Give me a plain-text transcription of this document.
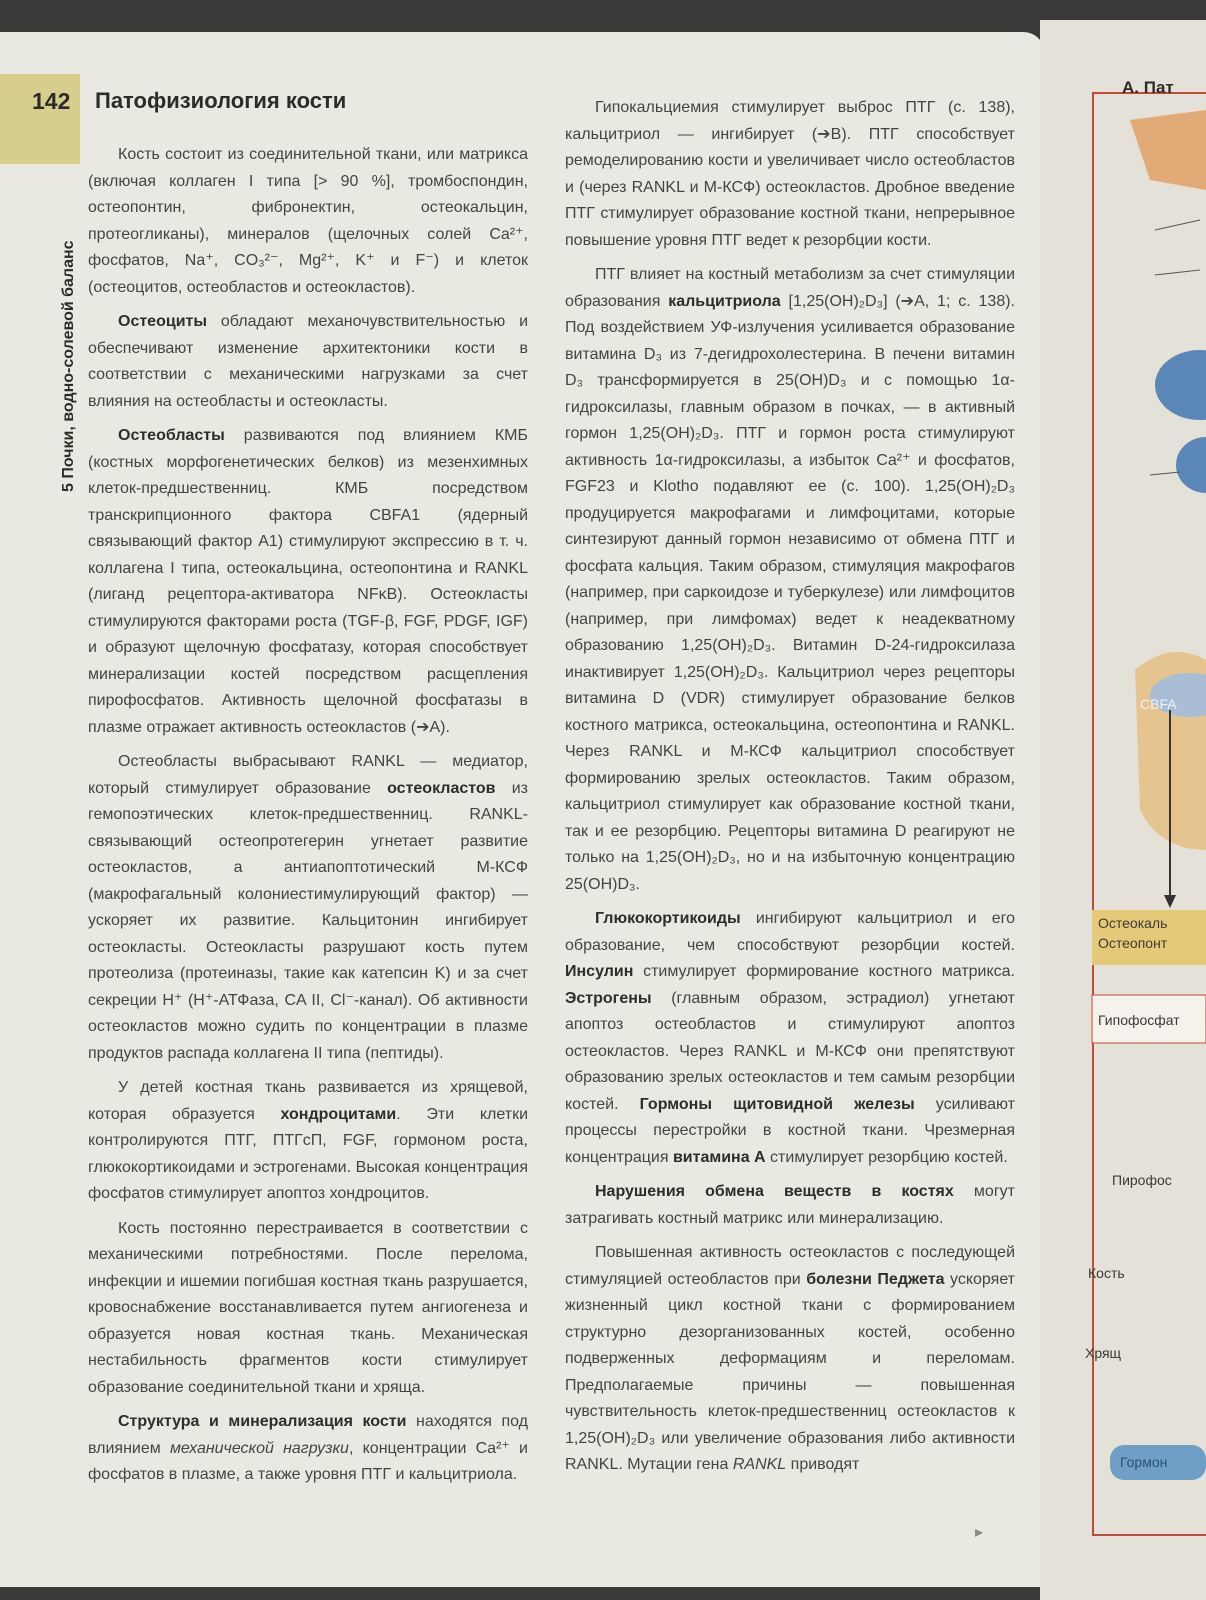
142 Патофизиология кости
5 Почки, водно-солевой баланс

Кость состоит из соединительной ткани, или матрикса (включая коллаген I типа [> 90 %], тромбоспондин, остеопонтин, фибронектин, остеокальцин, протеогликаны), минералов (щелочных солей Ca²⁺, фосфатов, Na⁺, CO₃²⁻, Mg²⁺, K⁺ и F⁻) и клеток (остеоцитов, остеобластов и остеокластов).

Остеоциты обладают механочувствительностью и обеспечивают изменение архитектоники кости в соответствии с механическими нагрузками за счет влияния на остеобласты и остеокласты.

Остеобласты развиваются под влиянием КМБ (костных морфогенетических белков) из мезенхимных клеток-предшественниц. КМБ посредством транскрипционного фактора CBFA1 (ядерный связывающий фактор A1) стимулируют экспрессию в т. ч. коллагена I типа, остеокальцина, остеопонтина и RANKL (лиганд рецептора-активатора NFκB). Остеокласты стимулируются факторами роста (TGF-β, FGF, PDGF, IGF) и образуют щелочную фосфатазу, которая способствует минерализации костей посредством расщепления пирофосфатов. Активность щелочной фосфатазы в плазме отражает активность остеокластов (➔A).

Остеобласты выбрасывают RANKL — медиатор, который стимулирует образование остеокластов из гемопоэтических клеток-предшественниц. RANKL-связывающий остеопротегерин угнетает развитие остеокластов, а антиапоптотический М-КСФ (макрофагальный колониестимулирующий фактор) — ускоряет их развитие. Кальцитонин ингибирует остеокласты. Остеокласты разрушают кость путем протеолиза (протеиназы, такие как катепсин K) и за счет секреции H⁺ (H⁺-АТФаза, CA II, Cl⁻-канал). Об активности остеокластов можно судить по концентрации в плазме продуктов распада коллагена II типа (пептиды).

У детей костная ткань развивается из хрящевой, которая образуется хондроцитами. Эти клетки контролируются ПТГ, ПТГсП, FGF, гормоном роста, глюкокортикоидами и эстрогенами. Высокая концентрация фосфатов стимулирует апоптоз хондроцитов.

Кость постоянно перестраивается в соответствии с механическими потребностями. После перелома, инфекции и ишемии погибшая костная ткань разрушается, кровоснабжение восстанавливается путем ангиогенеза и образуется новая костная ткань. Механическая нестабильность фрагментов кости стимулирует образование соединительной ткани и хряща.

Структура и минерализация кости находятся под влиянием механической нагрузки, концентрации Ca²⁺ и фосфатов в плазме, а также уровня ПТГ и кальцитриола.

Гипокальциемия стимулирует выброс ПТГ (с. 138), кальцитриол — ингибирует (➔B). ПТГ способствует ремоделированию кости и увеличивает число остеобластов и (через RANKL и М-КСФ) остеокластов. Дробное введение ПТГ стимулирует образование костной ткани, непрерывное повышение уровня ПТГ ведет к резорбции кости.

ПТГ влияет на костный метаболизм за счет стимуляции образования кальцитриола [1,25(OH)₂D₃] (➔A, 1; с. 138). Под воздействием УФ-излучения усиливается образование витамина D₃ из 7-дегидрохолестерина. В печени витамин D₃ трансформируется в 25(OH)D₃ и с помощью 1α-гидроксилазы, главным образом в почках, — в активный гормон 1,25(OH)₂D₃. ПТГ и гормон роста стимулируют активность 1α-гидроксилазы, а избыток Ca²⁺ и фосфатов, FGF23 и Klotho подавляют ее (с. 100). 1,25(OH)₂D₃ продуцируется макрофагами и лимфоцитами, которые синтезируют данный гормон независимо от обмена ПТГ и фосфата кальция. Таким образом, стимуляция макрофагов (например, при саркоидозе и туберкулезе) или лимфоцитов (например, при лимфомах) ведет к неадекватному образованию 1,25(OH)₂D₃. Витамин D-24-гидроксилаза инактивирует 1,25(OH)₂D₃. Кальцитриол через рецепторы витамина D (VDR) стимулирует образование белков костного матрикса, остеокальцина, остеопонтина и RANKL. Через RANKL и М-КСФ кальцитриол способствует формированию зрелых остеокластов. Таким образом, кальцитриол стимулирует как образование костной ткани, так и ее резорбцию. Рецепторы витамина D реагируют не только на 1,25(OH)₂D₃, но и на избыточную концентрацию 25(OH)D₃.

Глюкокортикоиды ингибируют кальцитриол и его образование, чем способствуют резорбции костей. Инсулин стимулирует формирование костного матрикса. Эстрогены (главным образом, эстрадиол) угнетают апоптоз остеобластов и стимулируют апоптоз остеокластов. Через RANKL и М-КСФ они препятствуют образованию зрелых остеокластов и тем самым резорбции костей. Гормоны щитовидной железы усиливают процессы перестройки в костной ткани. Чрезмерная концентрация витамина A стимулирует резорбцию костей.

Нарушения обмена веществ в костях могут затрагивать костный матрикс или минерализацию.

Повышенная активность остеокластов с последующей стимуляцией остеобластов при болезни Педжета ускоряет жизненный цикл костной ткани с формированием структурно дезорганизованных костей, особенно подверженных деформациям и переломам. Предполагаемые причины — повышенная чувствительность клеток-предшественниц остеокластов к 1,25(OH)₂D₃ или увеличение образования либо активности RANKL. Мутации гена RANKL приводят

▸
А. Пат
CBFA
Остеокаль
Остеопонт
Гипофосфат
Пирофос
Кость
Хрящ
Гормон
